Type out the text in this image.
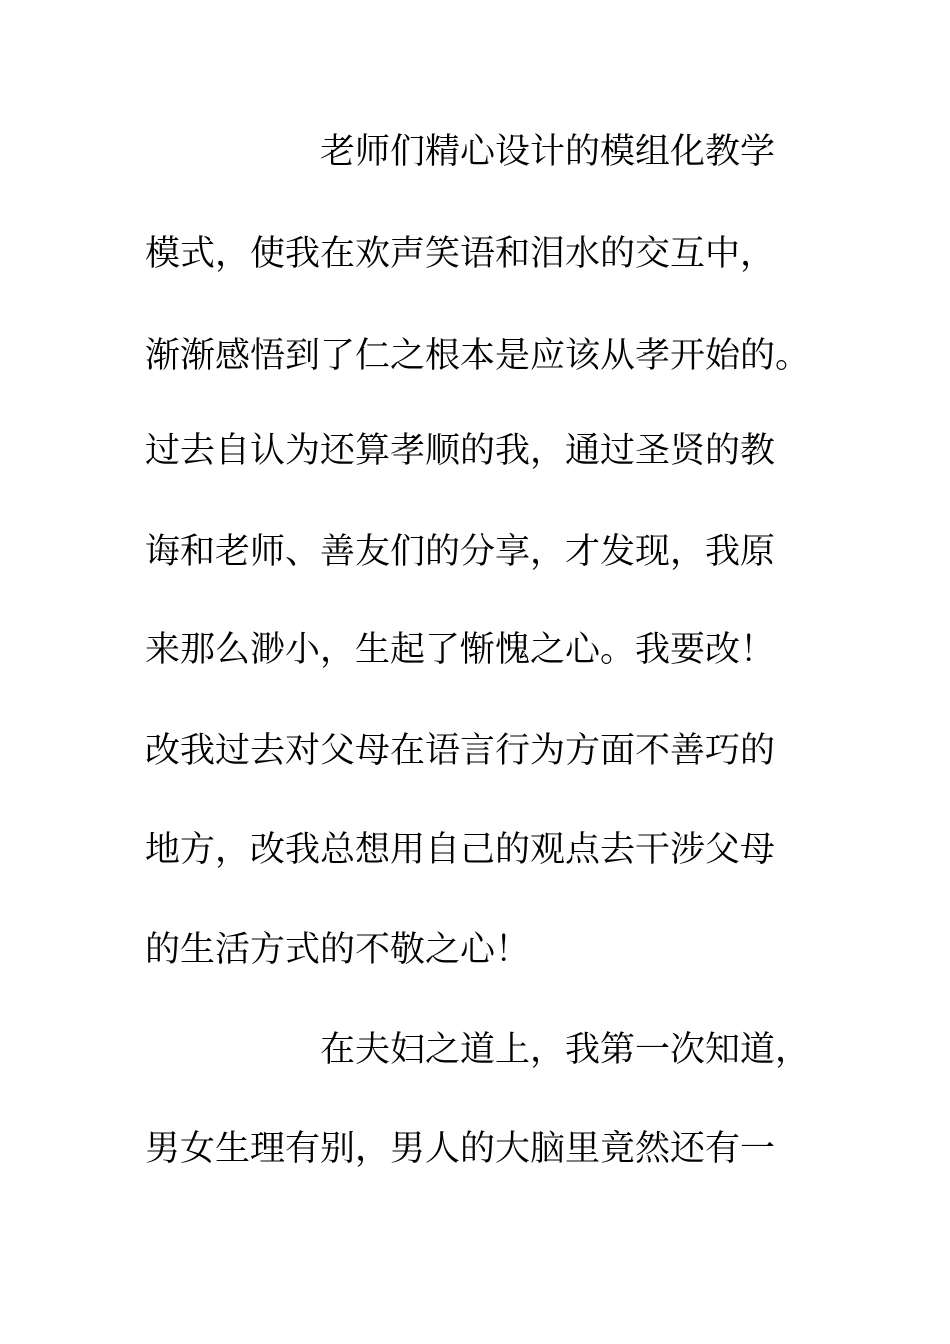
老师们精心设计的模组化教学
模式，使我在欢声笑语和泪水的交互中，
渐渐感悟到了仁之根本是应该从孝开始的。
过去自认为还算孝顺的我，通过圣贤的教
诲和老师、善友们的分享，才发现，我原
来那么渺小，生起了惭愧之心。我要改！
改我过去对父母在语言行为方面不善巧的
地方，改我总想用自己的观点去干涉父母
的生活方式的不敬之心！
在夫妇之道上，我第一次知道，
男女生理有别，男人的大脑里竟然还有一
